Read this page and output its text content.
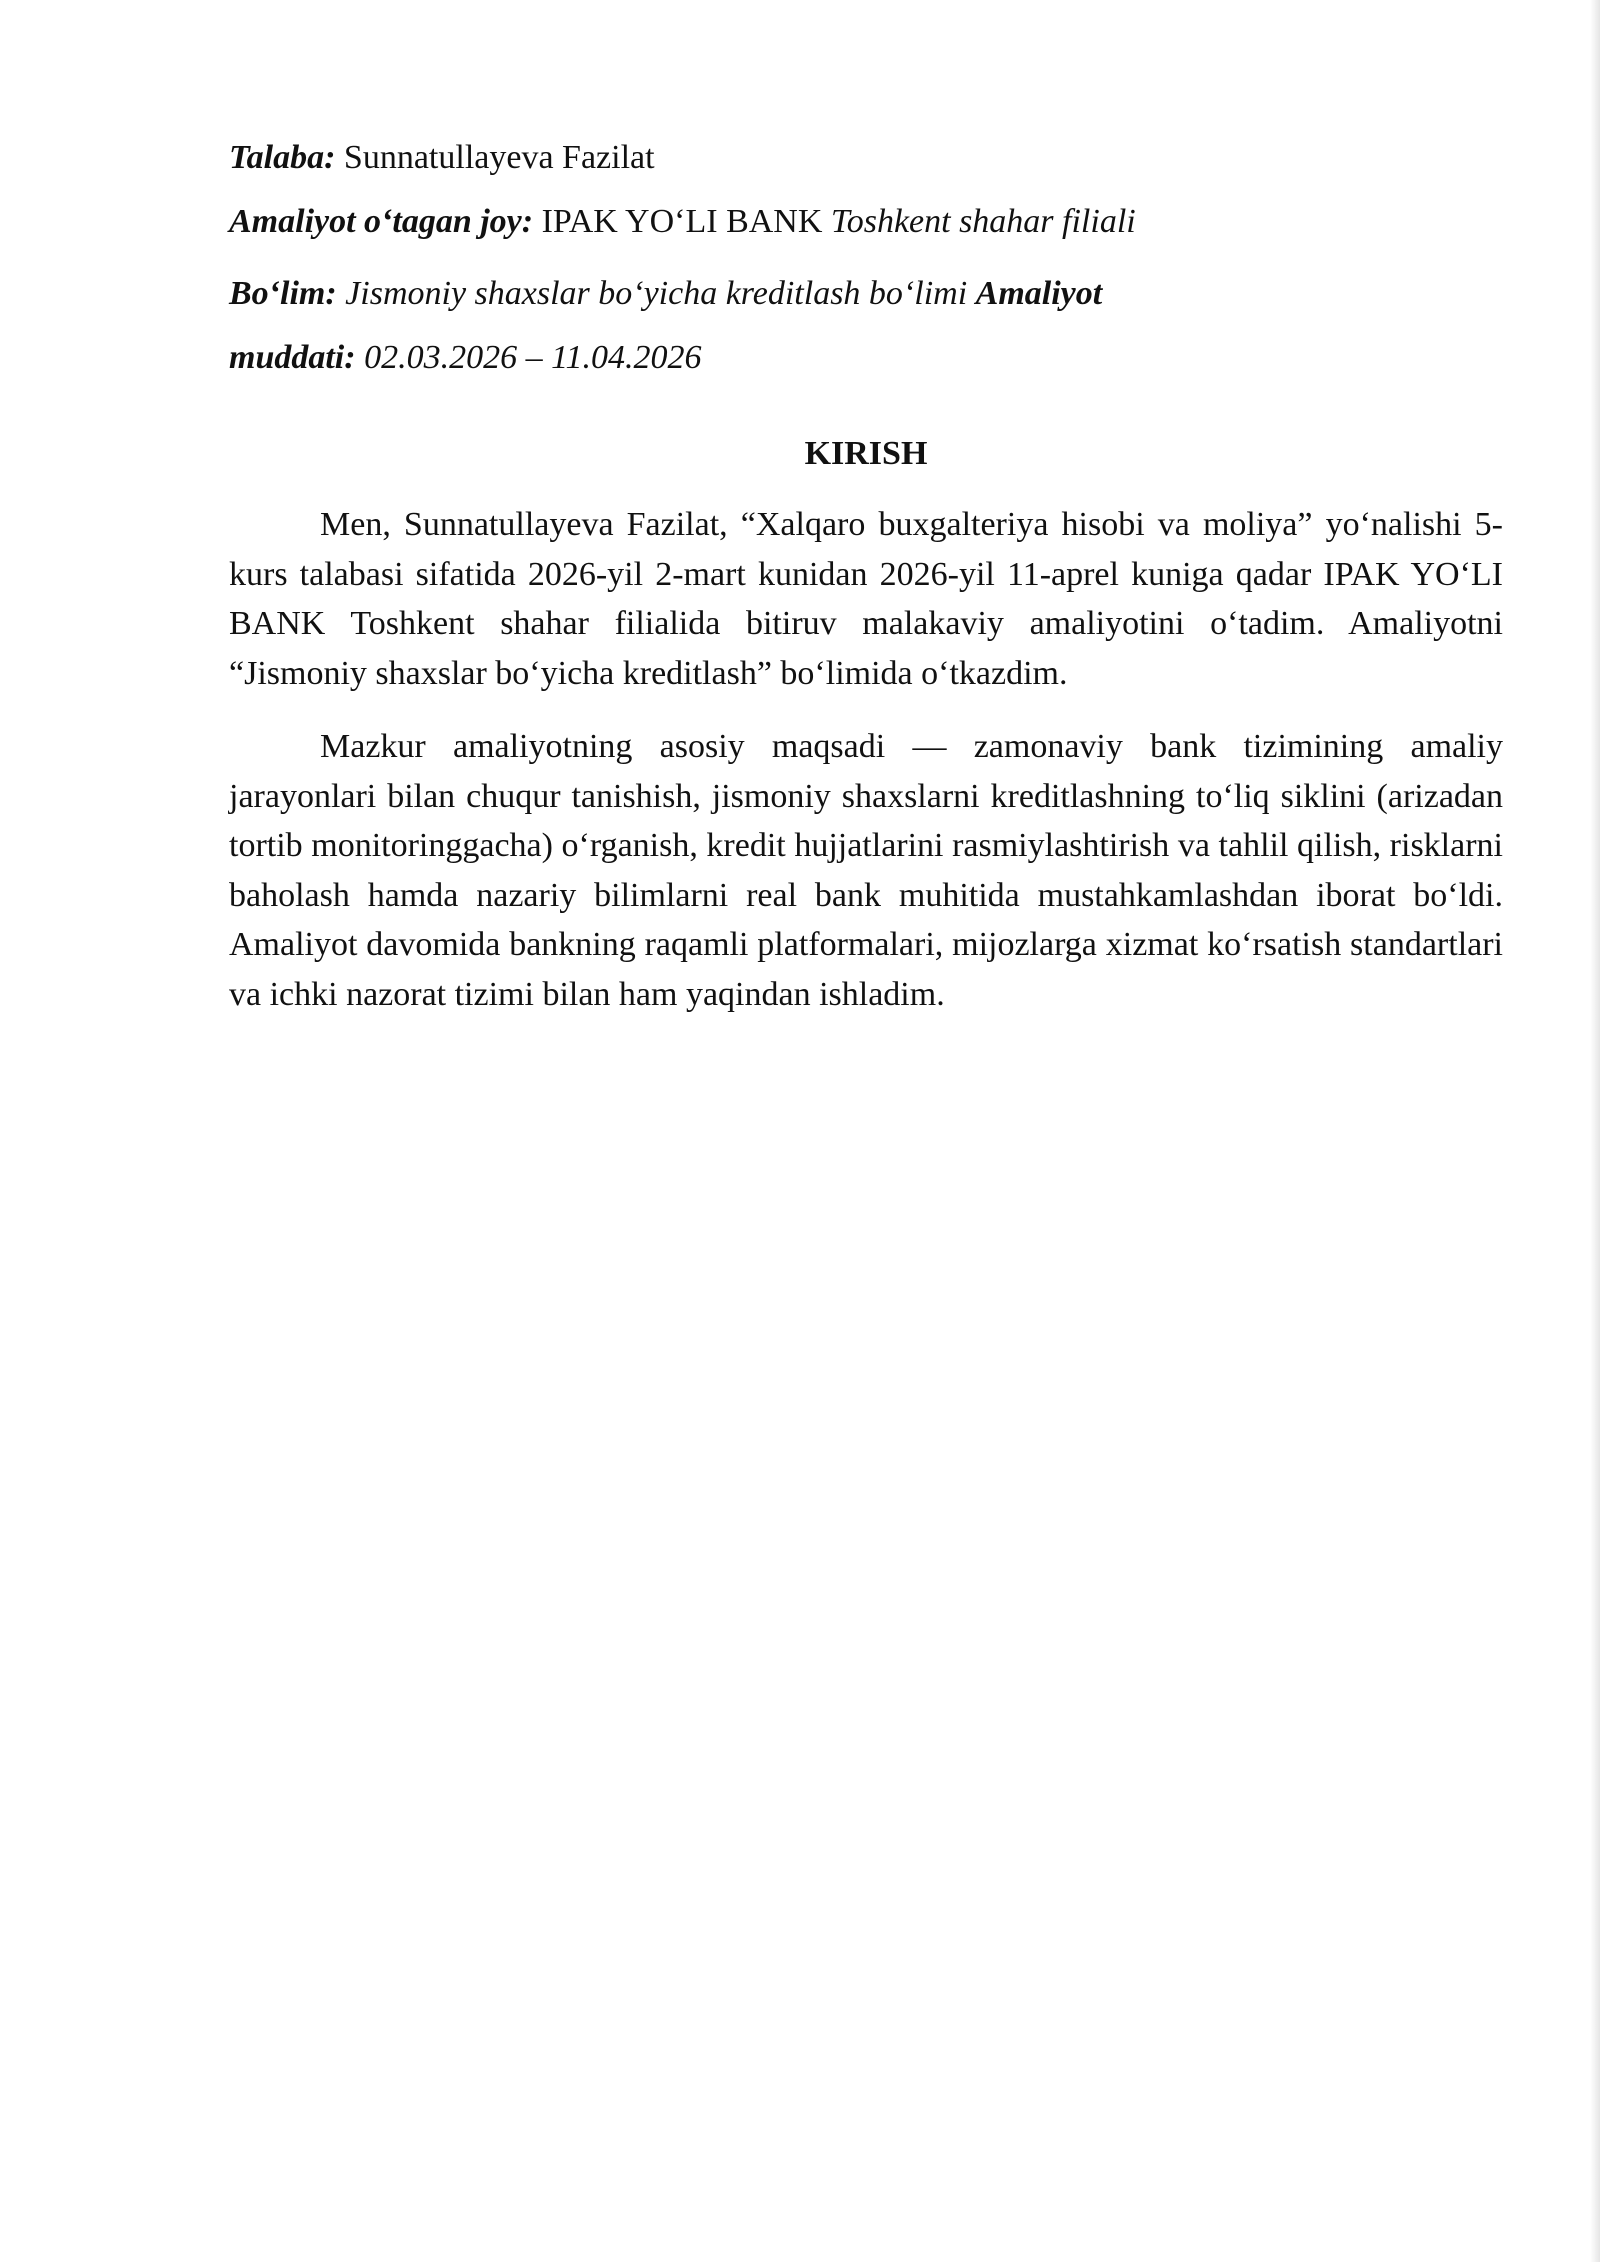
Talaba: Sunnatullayeva Fazilat

Amaliyot o‘tagan joy: IPAK YO‘LI BANK Toshkent shahar filiali

Bo‘lim: Jismoniy shaxslar bo‘yicha kreditlash bo‘limi Amaliyot

muddati: 02.03.2026 – 11.04.2026

KIRISH

Men, Sunnatullayeva Fazilat, “Xalqaro buxgalteriya hisobi va moliya” yo‘nalishi 5-kurs talabasi sifatida 2026-yil 2-mart kunidan 2026-yil 11-aprel kuniga qadar IPAK YO‘LI BANK Toshkent shahar filialida bitiruv malakaviy amaliyotini o‘tadim. Amaliyotni “Jismoniy shaxslar bo‘yicha kreditlash” bo‘limida o‘tkazdim.

Mazkur amaliyotning asosiy maqsadi — zamonaviy bank tizimining amaliy jarayonlari bilan chuqur tanishish, jismoniy shaxslarni kreditlashning to‘liq siklini (arizadan tortib monitoringgacha) o‘rganish, kredit hujjatlarini rasmiylashtirish va tahlil qilish, risklarni baholash hamda nazariy bilimlarni real bank muhitida mustahkamlashdan iborat bo‘ldi. Amaliyot davomida bankning raqamli platformalari, mijozlarga xizmat ko‘rsatish standartlari va ichki nazorat tizimi bilan ham yaqindan ishladim.
